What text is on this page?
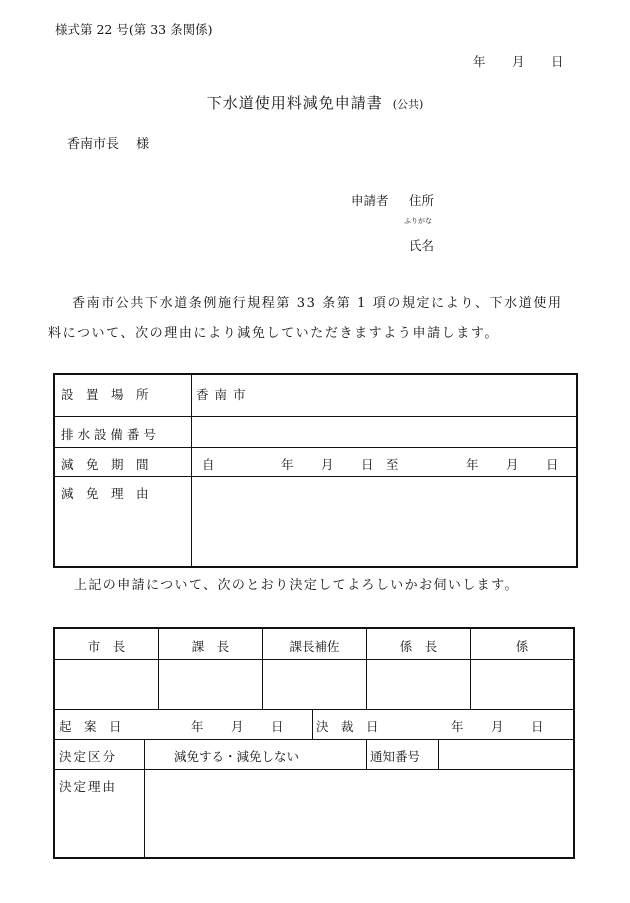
様式第 22 号(第 33 条関係)
年 月 日
下水道使用料減免申請書 (公共)
香南市長　 様
申請者 住所
ふりがな
氏名
香南市公共下水道条例施行規程第 33 条第 1 項の規定により、下水道使用
料について、次の理由により減免していただきますよう申請します。
設　置　場　所	香 南 市
排 水 設 備 番 号
減　免　期　間	自	年 月 日 至	年 月 日
減　免　理　由
上記の申請について、次のとおり決定してよろしいかお伺いします。
市　長	課　長	課長補佐	係　長	係
起　案　日	年 月 日	決　裁　日	年 月 日
決定区分	減免する・減免しない	通知番号
決定理由
